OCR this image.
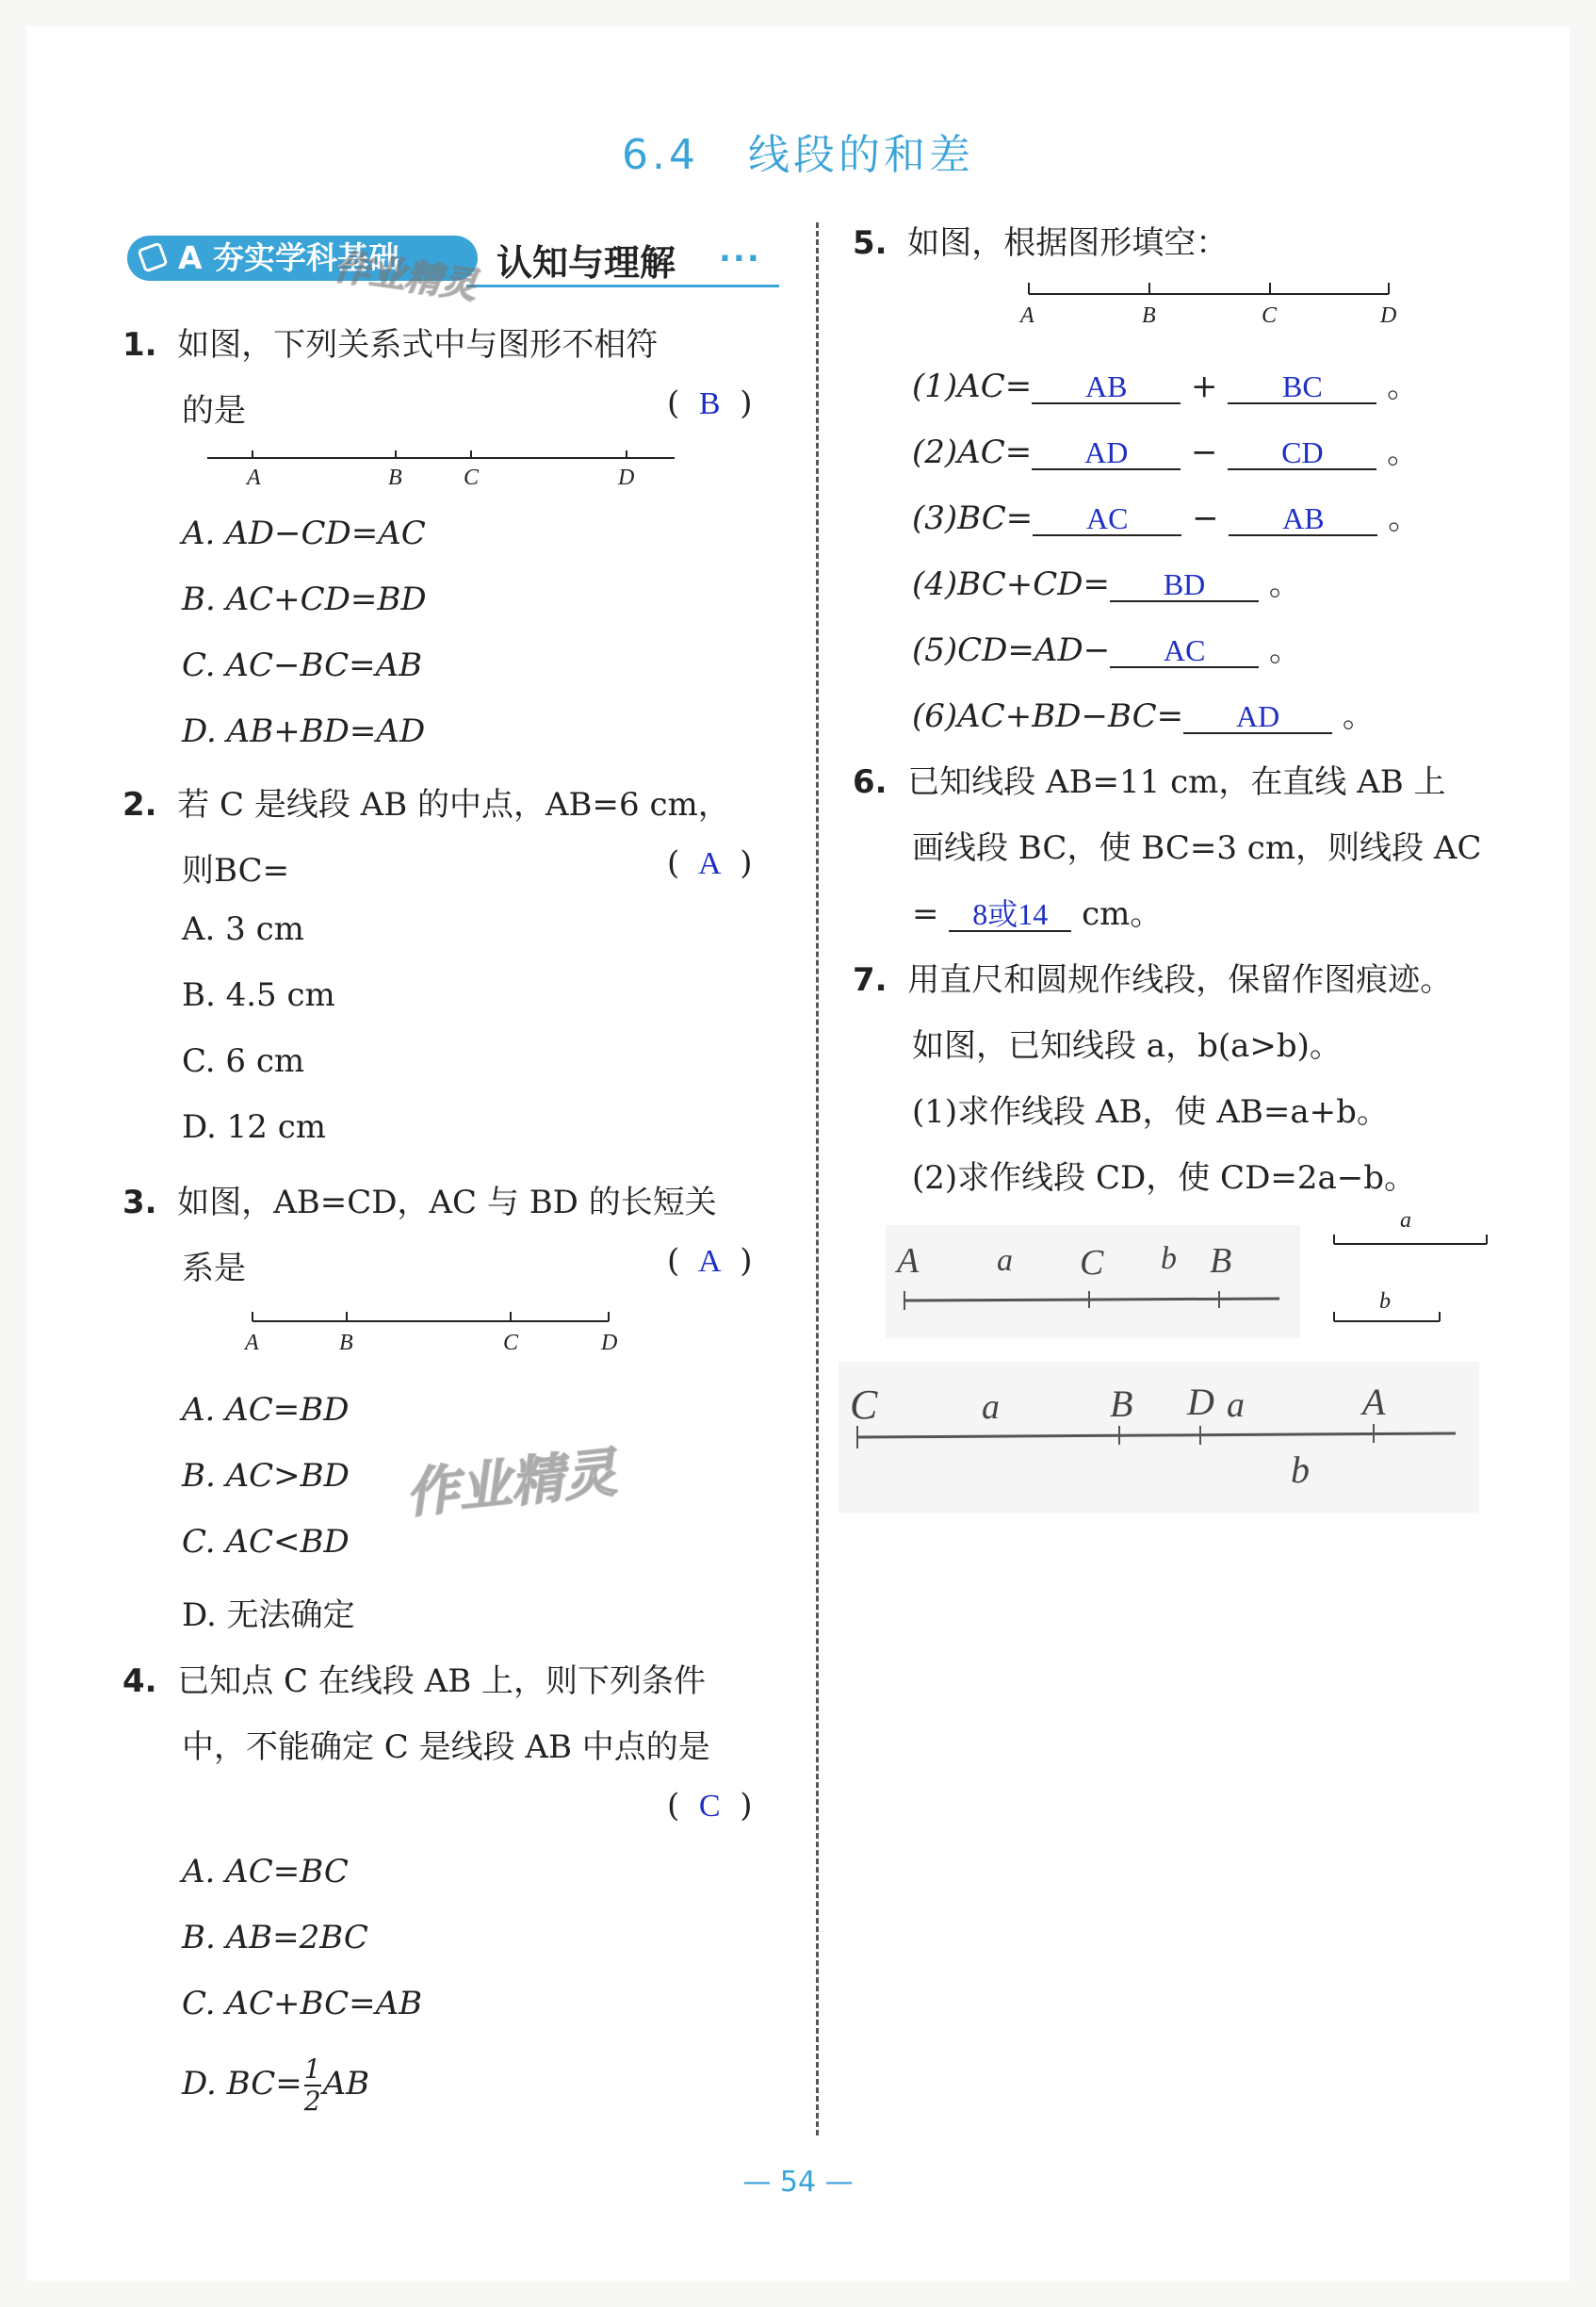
6.4 线段的和差
A 夯实学科基础	认知与理解 ...
作业精灵
1. 如图，下列关系式中与图形不相符
的是	( B )
A	B	C	D
A. AD−CD=AC
B. AC+CD=BD
C. AC−BC=AB
D. AB+BD=AD
2. 若 C 是线段 AB 的中点，AB=6 cm，
则BC=	( A )
A. 3 cm
B. 4.5 cm
C. 6 cm
D. 12 cm
3. 如图，AB=CD，AC 与 BD 的长短关
系是	( A )
A	B	C	D
A. AC=BD
B. AC>BD
C. AC<BD
D. 无法确定
作业精灵
4. 已知点 C 在线段 AB 上，则下列条件
中，不能确定 C 是线段 AB 中点的是
( C )
A. AC=BC
B. AB=2BC
C. AC+BC=AB
D. $BC= \frac{1}{2}$ AB
5. 如图，根据图形填空：
A	B	C	D
(1)AC= AB + BC 。
(2)AC= AD − CD 。
(3)BC= AC − AB 。
(4)BC+CD= BD 。
(5)CD=AD− AC 。
(6)AC+BD−BC= AD 。
6. 已知线段 AB=11 cm，在直线 AB 上
画线段 BC，使 BC=3 cm，则线段 AC
= 8或14 cm。
7. 用直尺和圆规作线段，保留作图痕迹。
如图，已知线段 a，b(a>b)。
(1)求作线段 AB，使 AB=a+b。
(2)求作线段 CD，使 CD=2a−b。
a
b
A a C b B
C	a	B D a	A
b
— 54 —
